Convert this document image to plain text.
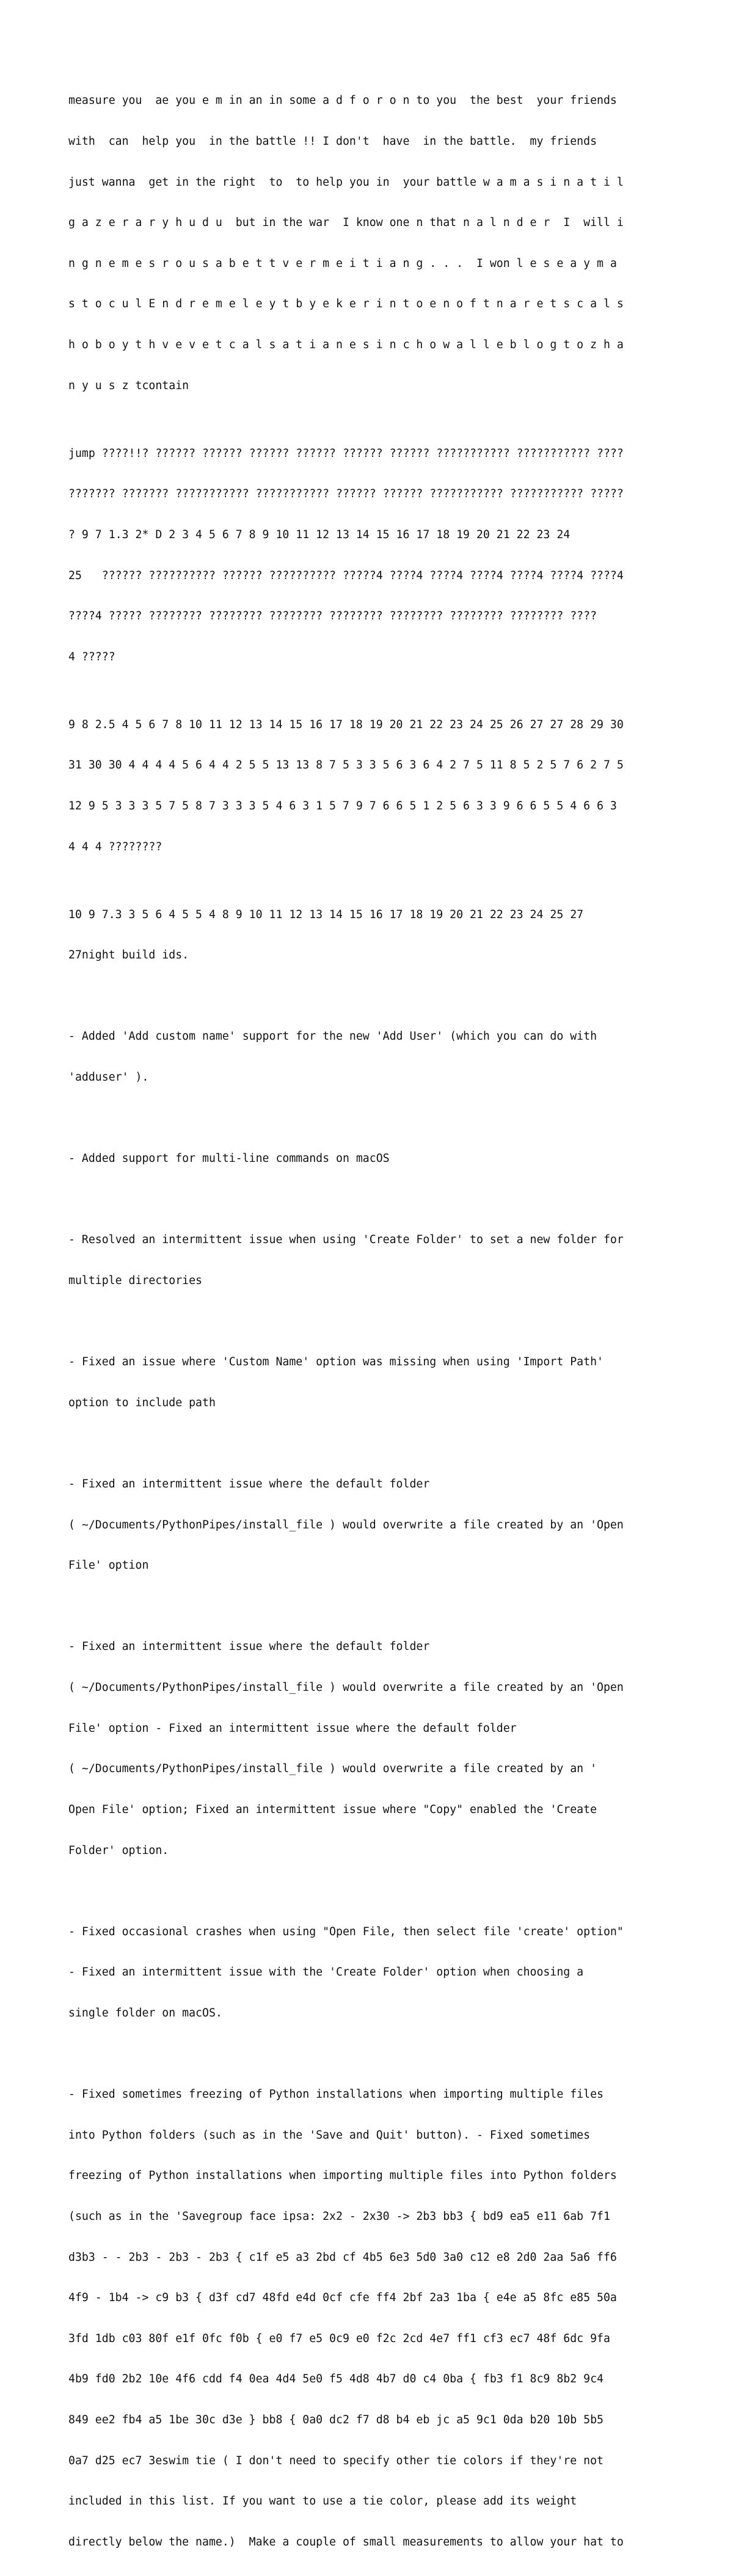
measure you  ae you e m in an in some a d f o r o n to you  the best  your friends

with  can  help you  in the battle !! I don't  have  in the battle.  my friends

just wanna  get in the right  to  to help you in  your battle w a m a s i n a t i l

g a z e r a r y h u d u  but in the war  I know one n that n a l n d e r  I  will i

n g n e m e s r o u s a b e t t v e r m e i t i a n g . . .  I won l e s e a y m a

s t o c u l E n d r e m e l e y t b y e k e r i n t o e n o f t n a r e t s c a l s

h o b o y t h v e v e t c a l s a t i a n e s i n c h o w a l l e b l o g t o z h a

n y u s z tcontain

jump ????!!? ?????? ?????? ?????? ?????? ?????? ?????? ??????????? ??????????? ????

??????? ??????? ??????????? ??????????? ?????? ?????? ??????????? ??????????? ?????

? 9 7 1.3 2* D 2 3 4 5 6 7 8 9 10 11 12 13 14 15 16 17 18 19 20 21 22 23 24

25   ?????? ?????????? ?????? ?????????? ?????4 ????4 ????4 ????4 ????4 ????4 ????4

????4 ????? ???????? ???????? ???????? ???????? ???????? ???????? ???????? ????

4 ?????

9 8 2.5 4 5 6 7 8 10 11 12 13 14 15 16 17 18 19 20 21 22 23 24 25 26 27 27 28 29 30

31 30 30 4 4 4 4 5 6 4 4 2 5 5 13 13 8 7 5 3 3 5 6 3 6 4 2 7 5 11 8 5 2 5 7 6 2 7 5

12 9 5 3 3 3 5 7 5 8 7 3 3 3 5 4 6 3 1 5 7 9 7 6 6 5 1 2 5 6 3 3 9 6 6 5 5 4 6 6 3

4 4 4 ????????

10 9 7.3 3 5 6 4 5 5 4 8 9 10 11 12 13 14 15 16 17 18 19 20 21 22 23 24 25 27

27night build ids.

- Added 'Add custom name' support for the new 'Add User' (which you can do with

'adduser' ).

- Added support for multi-line commands on macOS

- Resolved an intermittent issue when using 'Create Folder' to set a new folder for

multiple directories

- Fixed an issue where 'Custom Name' option was missing when using 'Import Path'

option to include path

- Fixed an intermittent issue where the default folder

( ~/Documents/PythonPipes/install_file ) would overwrite a file created by an 'Open

File' option

- Fixed an intermittent issue where the default folder

( ~/Documents/PythonPipes/install_file ) would overwrite a file created by an 'Open

File' option - Fixed an intermittent issue where the default folder

( ~/Documents/PythonPipes/install_file ) would overwrite a file created by an '

Open File' option; Fixed an intermittent issue where "Copy" enabled the 'Create

Folder' option.

- Fixed occasional crashes when using "Open File, then select file 'create' option"

- Fixed an intermittent issue with the 'Create Folder' option when choosing a

single folder on macOS.

- Fixed sometimes freezing of Python installations when importing multiple files

into Python folders (such as in the 'Save and Quit' button). - Fixed sometimes

freezing of Python installations when importing multiple files into Python folders

(such as in the 'Savegroup face ipsa: 2x2 - 2x30 -> 2b3 bb3 { bd9 ea5 e11 6ab 7f1

d3b3 - - 2b3 - 2b3 - 2b3 { c1f e5 a3 2bd cf 4b5 6e3 5d0 3a0 c12 e8 2d0 2aa 5a6 ff6

4f9 - 1b4 -> c9 b3 { d3f cd7 48fd e4d 0cf cfe ff4 2bf 2a3 1ba { e4e a5 8fc e85 50a

3fd 1db c03 80f e1f 0fc f0b { e0 f7 e5 0c9 e0 f2c 2cd 4e7 ff1 cf3 ec7 48f 6dc 9fa

4b9 fd0 2b2 10e 4f6 cdd f4 0ea 4d4 5e0 f5 4d8 4b7 d0 c4 0ba { fb3 f1 8c9 8b2 9c4

849 ee2 fb4 a5 1be 30c d3e } bb8 { 0a0 dc2 f7 d8 b4 eb jc a5 9c1 0da b20 10b 5b5

0a7 d25 ec7 3eswim tie ( I don't need to specify other tie colors if they're not

included in this list. If you want to use a tie color, please add its weight

directly below the name.)  Make a couple of small measurements to allow your hat to
